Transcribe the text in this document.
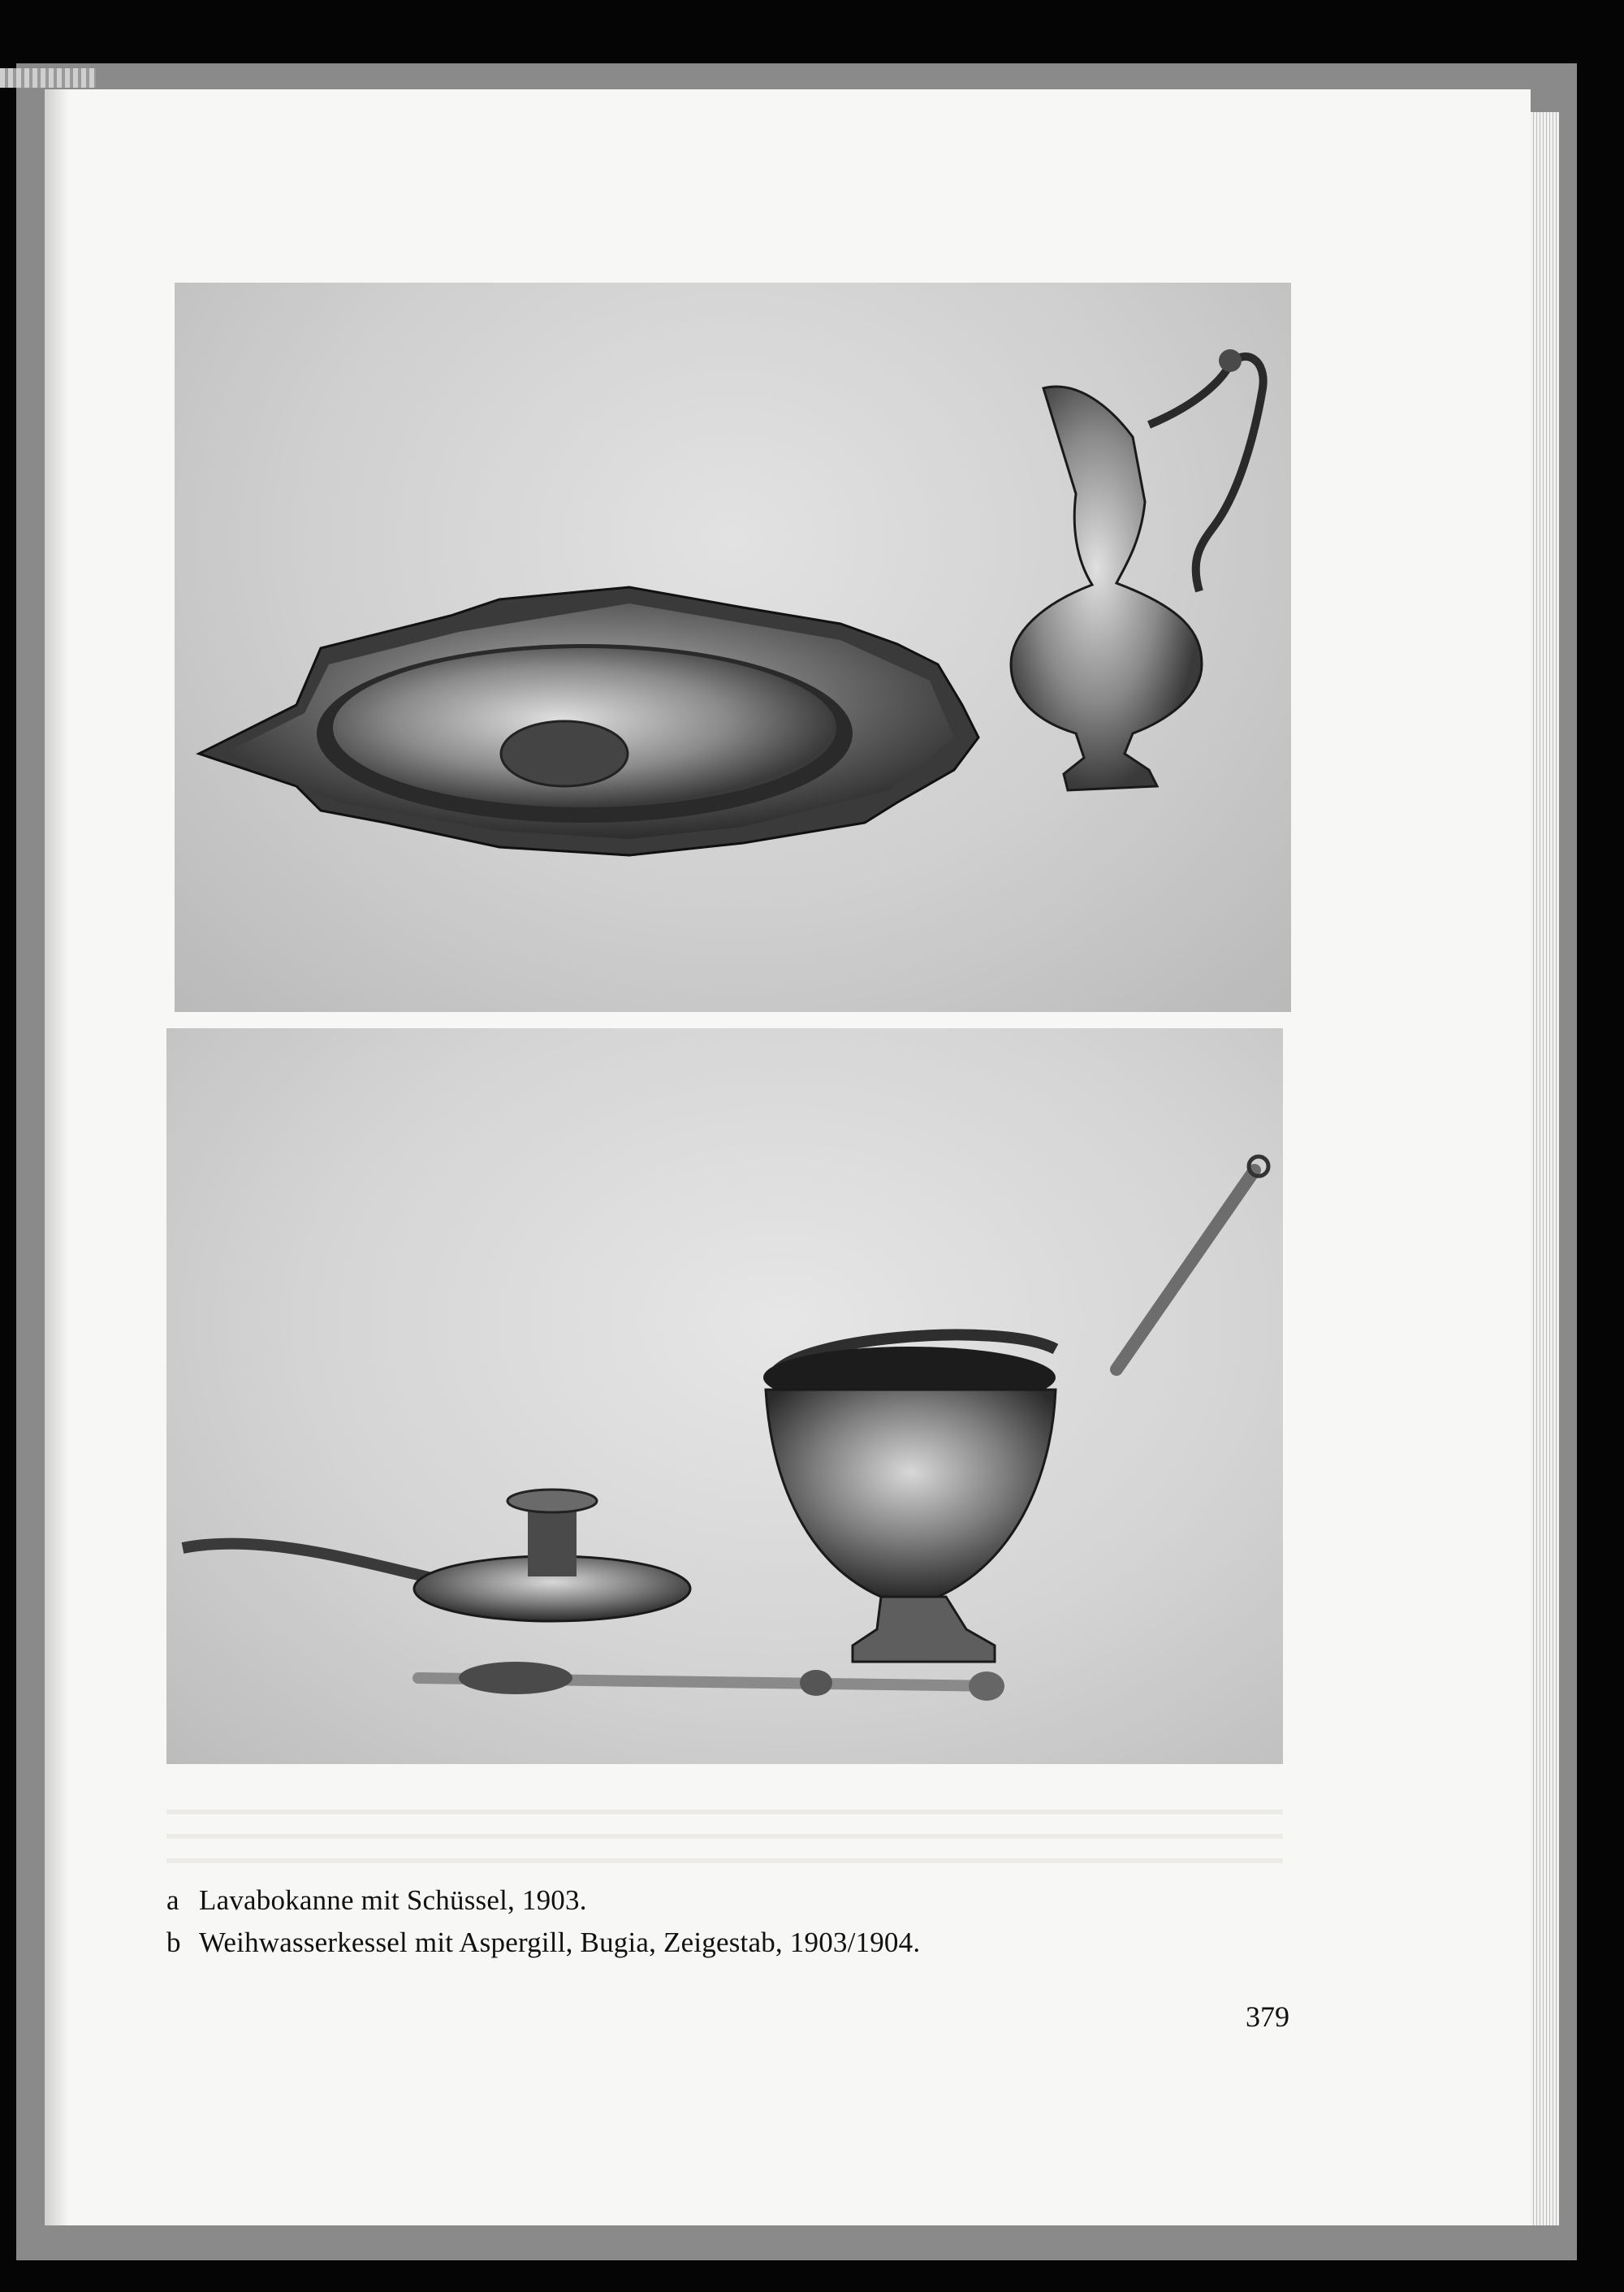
a Lavabokanne mit Schüssel, 1903.
b Weihwasserkessel mit Aspergill, Bugia, Zeigestab, 1903/1904.
379
